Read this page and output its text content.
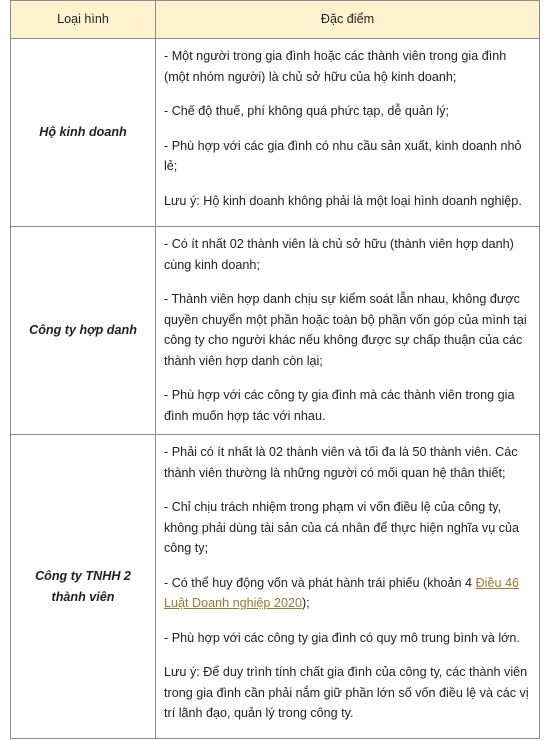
Loại hình	Đặc điểm
Hộ kinh doanh	- Một người trong gia đình hoặc các thành viên trong gia đình (một nhóm người) là chủ sở hữu của hộ kinh doanh;

- Chế độ thuế, phí không quá phức tạp, dễ quản lý;

- Phù hợp với các gia đình có nhu cầu sản xuất, kinh doanh nhỏ lẻ;

Lưu ý: Hộ kinh doanh không phải là một loại hình doanh nghiệp.

Công ty hợp danh	- Có ít nhất 02 thành viên là chủ sở hữu (thành viên hợp danh) cùng kinh doanh;

- Thành viên hợp danh chịu sự kiểm soát lẫn nhau, không được quyền chuyển một phần hoặc toàn bộ phần vốn góp của mình tại công ty cho người khác nếu không được sự chấp thuận của các thành viên hợp danh còn lại;

- Phù hợp với các công ty gia đình mà các thành viên trong gia đình muốn hợp tác với nhau.

Công ty TNHH 2 thành viên	- Phải có ít nhất là 02 thành viên và tối đa là 50 thành viên. Các thành viên thường là những người có mối quan hệ thân thiết;

- Chỉ chịu trách nhiệm trong phạm vi vốn điều lệ của công ty, không phải dùng tài sản của cá nhân để thực hiện nghĩa vụ của công ty;

- Có thể huy động vốn và phát hành trái phiếu (khoản 4 Điều 46 Luật Doanh nghiệp 2020);

- Phù hợp với các công ty gia đình có quy mô trung bình và lớn.

Lưu ý: Để duy trình tính chất gia đình của công ty, các thành viên trong gia đình cần phải nắm giữ phần lớn số vốn điều lệ và các vị trí lãnh đạo, quản lý trong công ty.
